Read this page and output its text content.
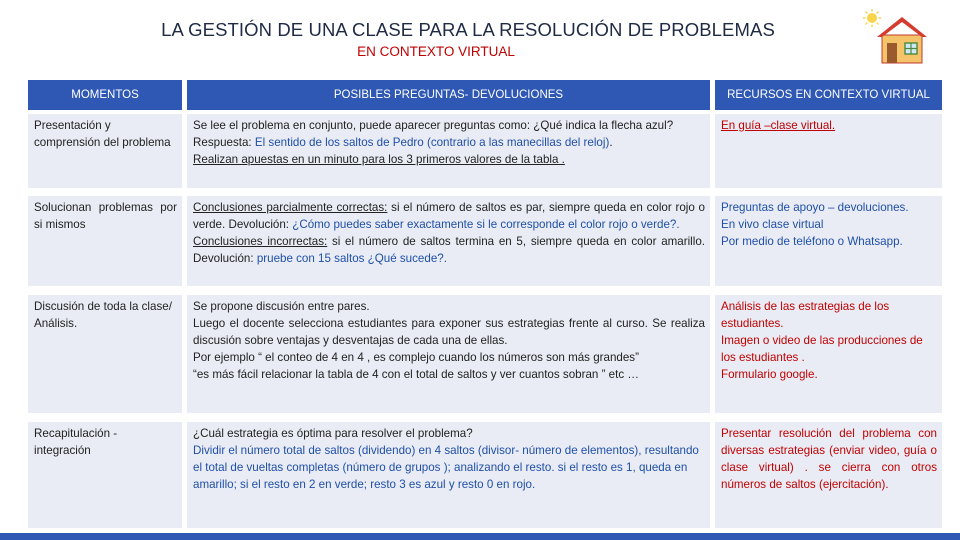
LA GESTIÓN DE UNA CLASE PARA LA RESOLUCIÓN DE PROBLEMAS
EN CONTEXTO VIRTUAL
MOMENTOS	POSIBLES PREGUNTAS- DEVOLUCIONES	RECURSOS EN CONTEXTO VIRTUAL
Presentación y comprensión del problema
Se lee el problema en conjunto, puede aparecer preguntas como: ¿Qué indica la flecha azul?
Respuesta: El sentido de los saltos de Pedro (contrario a las manecillas del reloj).
Realizan apuestas en un minuto para los 3 primeros valores de la tabla .
En guía –clase virtual.
Solucionan problemas por si mismos
Conclusiones parcialmente correctas: si el número de saltos es par, siempre queda en color rojo o verde. Devolución: ¿Cómo puedes saber exactamente si le corresponde el color rojo o verde?.
Conclusiones incorrectas: si el número de saltos termina en 5, siempre queda en color amarillo. Devolución: pruebe con 15 saltos ¿Qué sucede?.
Preguntas de apoyo – devoluciones.
En vivo clase virtual
Por medio de teléfono o Whatsapp.
Discusión de toda la clase/ Análisis.
Se propone discusión entre pares.
Luego el docente selecciona estudiantes para exponer sus estrategias frente al curso. Se realiza discusión sobre ventajas y desventajas de cada una de ellas.
Por ejemplo “ el conteo de 4 en 4 , es complejo cuando los números son más grandes”
“es más fácil relacionar la tabla de 4 con el total de saltos y ver cuantos sobran ” etc …
Análisis de las estrategias de los estudiantes.
Imagen o video de las producciones de los estudiantes .
Formulario google.
Recapitulación - integración
¿Cuál estrategia es óptima para resolver el problema?
Dividir el número total de saltos (dividendo) en 4 saltos (divisor- número de elementos), resultando el total de vueltas completas (número de grupos ); analizando el resto. si el resto es 1, queda en amarillo; si el resto en 2 en verde; resto 3 es azul y resto 0 en rojo.
Presentar resolución del problema con diversas estrategias (enviar video, guía o clase virtual) . se cierra con otros números de saltos (ejercitación).
